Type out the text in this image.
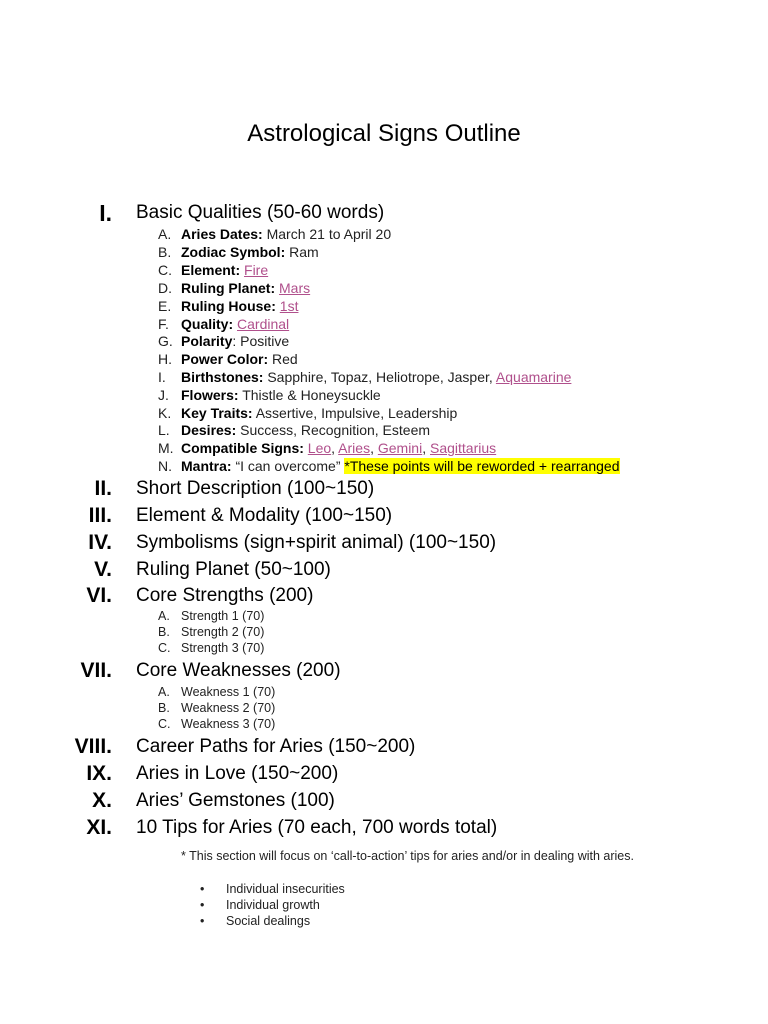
Astrological Signs Outline
I. Basic Qualities (50-60 words)
A. Aries Dates: March 21 to April 20
B. Zodiac Symbol: Ram
C. Element: Fire
D. Ruling Planet: Mars
E. Ruling House: 1st
F. Quality: Cardinal
G. Polarity: Positive
H. Power Color: Red
I.	Birthstones: Sapphire, Topaz, Heliotrope, Jasper, Aquamarine
J. Flowers: Thistle & Honeysuckle
K. Key Traits: Assertive, Impulsive, Leadership
L. Desires: Success, Recognition, Esteem
M. Compatible Signs: Leo, Aries, Gemini, Sagittarius
N. Mantra: “I can overcome” *These points will be reworded + rearranged
II. Short Description (100~150)
III. Element & Modality (100~150)
IV. Symbolisms (sign+spirit animal) (100~150)
V. Ruling Planet (50~100)
VI. Core Strengths (200)
A. Strength 1 (70)
B. Strength 2 (70)
C. Strength 3 (70)
VII. Core Weaknesses (200)
A. Weakness 1 (70)
B. Weakness 2 (70)
C. Weakness 3 (70)
VIII. Career Paths for Aries (150~200)
IX. Aries in Love (150~200)
X. Aries’ Gemstones (100)
XI. 10 Tips for Aries (70 each, 700 words total)
* This section will focus on ‘call-to-action’ tips for aries and/or in dealing with aries.
• Individual insecurities
• Individual growth
• Social dealings
